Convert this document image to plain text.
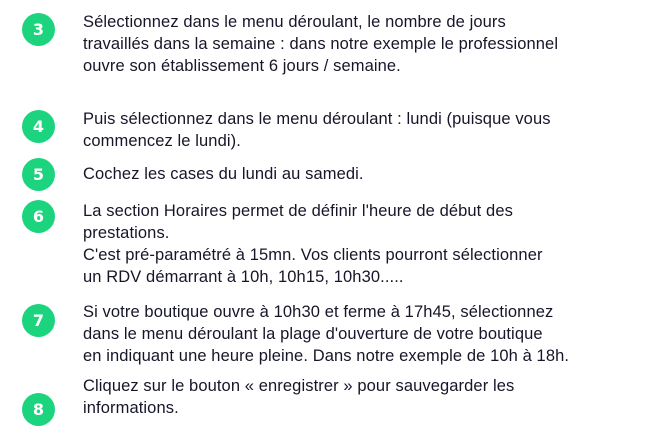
3	Sélectionnez dans le menu déroulant, le nombre de jours

travaillés dans la semaine : dans notre exemple le professionnel

ouvre son établissement 6 jours / semaine.

4	Puis sélectionnez dans le menu déroulant : lundi (puisque vous

commencez le lundi).

5	Cochez les cases du lundi au samedi.

6	La section Horaires permet de définir l'heure de début des

prestations.

C'est pré-paramétré à 15mn. Vos clients pourront sélectionner

un RDV démarrant à 10h, 10h15, 10h30.....

7	Si votre boutique ouvre à 10h30 et ferme à 17h45, sélectionnez

dans le menu déroulant la plage d'ouverture de votre boutique

en indiquant une heure pleine. Dans notre exemple de 10h à 18h.

8

Cliquez sur le bouton « enregistrer » pour sauvegarder les

informations.
